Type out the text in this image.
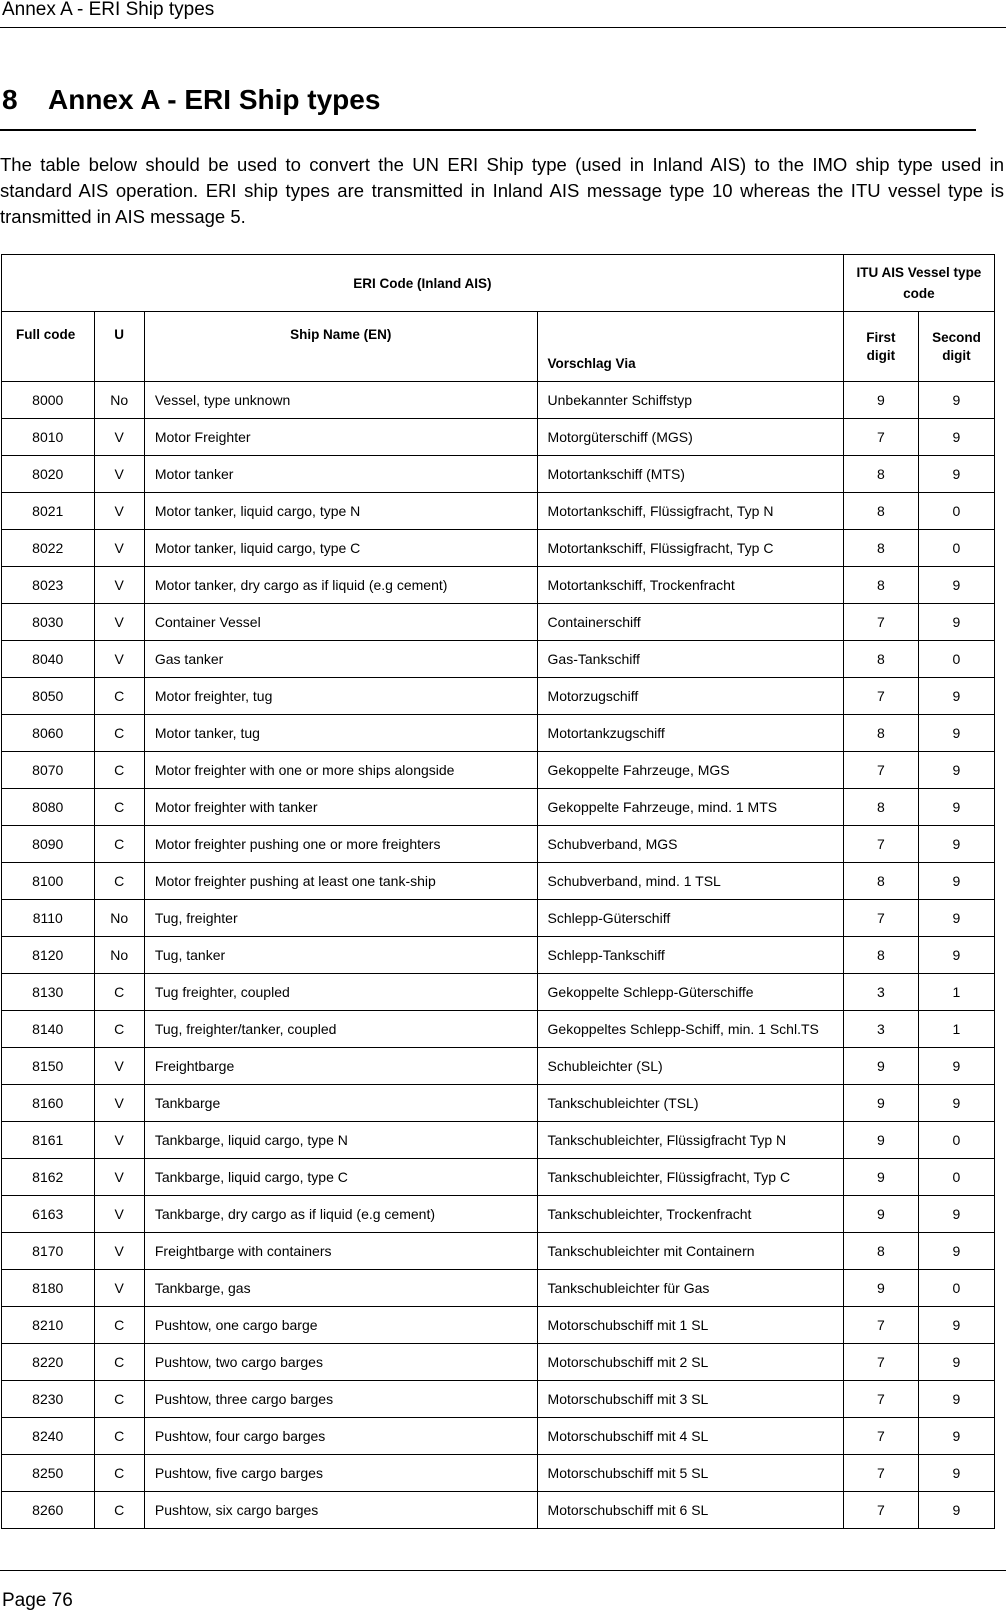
Annex A - ERI Ship types
8 Annex A - ERI Ship types

The table below should be used to convert the UN ERI Ship type (used in Inland AIS) to the IMO ship type used in standard AIS operation. ERI ship types are transmitted in Inland AIS message type 10 whereas the ITU vessel type is transmitted in AIS message 5.

ERI Code (Inland AIS)				ITU AIS Vessel type code	
Full code	U	Ship Name (EN)	Vorschlag Via	First digit	Second digit
8000	No	Vessel, type unknown	Unbekannter Schiffstyp	9	9
8010	V	Motor Freighter	Motorgüterschiff (MGS)	7	9
8020	V	Motor tanker	Motortankschiff (MTS)	8	9
8021	V	Motor tanker, liquid cargo, type N	Motortankschiff, Flüssigfracht, Typ N	8	0
8022	V	Motor tanker, liquid cargo, type C	Motortankschiff, Flüssigfracht, Typ C	8	0
8023	V	Motor tanker, dry cargo as if liquid (e.g cement)	Motortankschiff, Trockenfracht	8	9
8030	V	Container Vessel	Containerschiff	7	9
8040	V	Gas tanker	Gas-Tankschiff	8	0
8050	C	Motor freighter, tug	Motorzugschiff	7	9
8060	C	Motor tanker, tug	Motortankzugschiff	8	9
8070	C	Motor freighter with one or more ships alongside	Gekoppelte Fahrzeuge, MGS	7	9
8080	C	Motor freighter with tanker	Gekoppelte Fahrzeuge, mind. 1 MTS	8	9
8090	C	Motor freighter pushing one or more freighters	Schubverband, MGS	7	9
8100	C	Motor freighter pushing at least one tank-ship	Schubverband, mind. 1 TSL	8	9
8110	No	Tug, freighter	Schlepp-Güterschiff	7	9
8120	No	Tug, tanker	Schlepp-Tankschiff	8	9
8130	C	Tug freighter, coupled	Gekoppelte Schlepp-Güterschiffe	3	1
8140	C	Tug, freighter/tanker, coupled	Gekoppeltes Schlepp-Schiff, min. 1 Schl.TS	3	1
8150	V	Freightbarge	Schubleichter (SL)	9	9
8160	V	Tankbarge	Tankschubleichter (TSL)	9	9
8161	V	Tankbarge, liquid cargo, type N	Tankschubleichter, Flüssigfracht Typ N	9	0
8162	V	Tankbarge, liquid cargo, type C	Tankschubleichter, Flüssigfracht, Typ C	9	0
6163	V	Tankbarge, dry cargo as if liquid (e.g cement)	Tankschubleichter, Trockenfracht	9	9
8170	V	Freightbarge with containers	Tankschubleichter mit Containern	8	9
8180	V	Tankbarge, gas	Tankschubleichter für Gas	9	0
8210	C	Pushtow, one cargo barge	Motorschubschiff mit 1 SL	7	9
8220	C	Pushtow, two cargo barges	Motorschubschiff mit 2 SL	7	9
8230	C	Pushtow, three cargo barges	Motorschubschiff mit 3 SL	7	9
8240	C	Pushtow, four cargo barges	Motorschubschiff mit 4 SL	7	9
8250	C	Pushtow, five cargo barges	Motorschubschiff mit 5 SL	7	9
8260	C	Pushtow, six cargo barges	Motorschubschiff mit 6 SL	7	9
Page 76
